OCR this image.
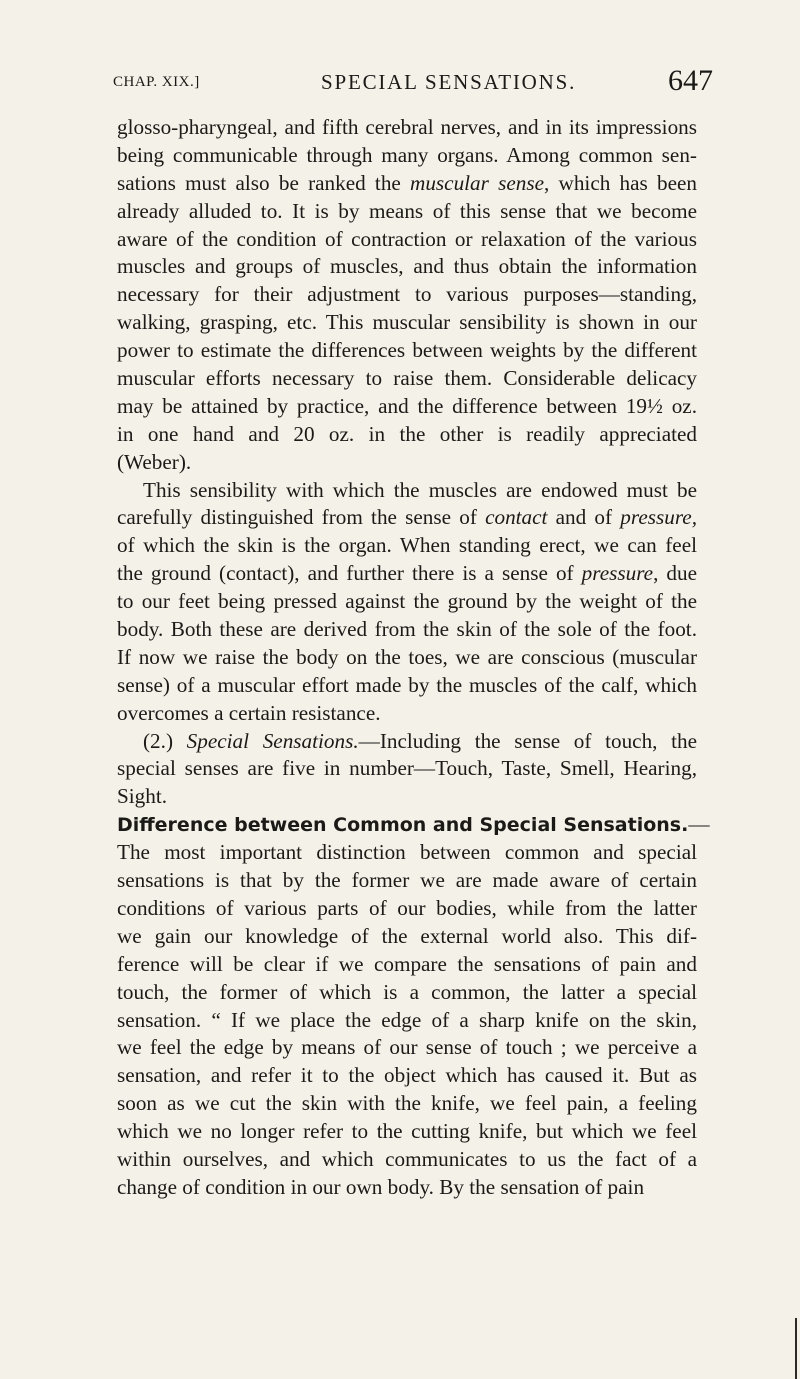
CHAP. XIX.]	SPECIAL SENSATIONS.	647
glosso-pharyngeal, and fifth cerebral nerves, and in its impressions
being communicable through many organs. Among common sen-
sations must also be ranked the muscular sense, which has been
already alluded to. It is by means of this sense that we become
aware of the condition of contraction or relaxation of the various
muscles and groups of muscles, and thus obtain the information
necessary for their adjustment to various purposes—standing,
walking, grasping, etc. This muscular sensibility is shown in our
power to estimate the differences between weights by the different
muscular efforts necessary to raise them. Considerable delicacy
may be attained by practice, and the difference between 19½ oz.
in one hand and 20 oz. in the other is readily appreciated
(Weber).
This sensibility with which the muscles are endowed must be
carefully distinguished from the sense of contact and of pressure,
of which the skin is the organ. When standing erect, we can feel
the ground (contact), and further there is a sense of pressure, due
to our feet being pressed against the ground by the weight of the
body. Both these are derived from the skin of the sole of the foot.
If now we raise the body on the toes, we are conscious (muscular
sense) of a muscular effort made by the muscles of the calf, which
overcomes a certain resistance.
(2.) Special Sensations.—Including the sense of touch, the
special senses are five in number—Touch, Taste, Smell, Hearing,
Sight.
Difference between Common and Special Sensations.—
The most important distinction between common and special
sensations is that by the former we are made aware of certain
conditions of various parts of our bodies, while from the latter
we gain our knowledge of the external world also. This dif-
ference will be clear if we compare the sensations of pain and
touch, the former of which is a common, the latter a special
sensation. “ If we place the edge of a sharp knife on the skin,
we feel the edge by means of our sense of touch ; we perceive a
sensation, and refer it to the object which has caused it. But as
soon as we cut the skin with the knife, we feel pain, a feeling
which we no longer refer to the cutting knife, but which we feel
within ourselves, and which communicates to us the fact of a
change of condition in our own body. By the sensation of pain
